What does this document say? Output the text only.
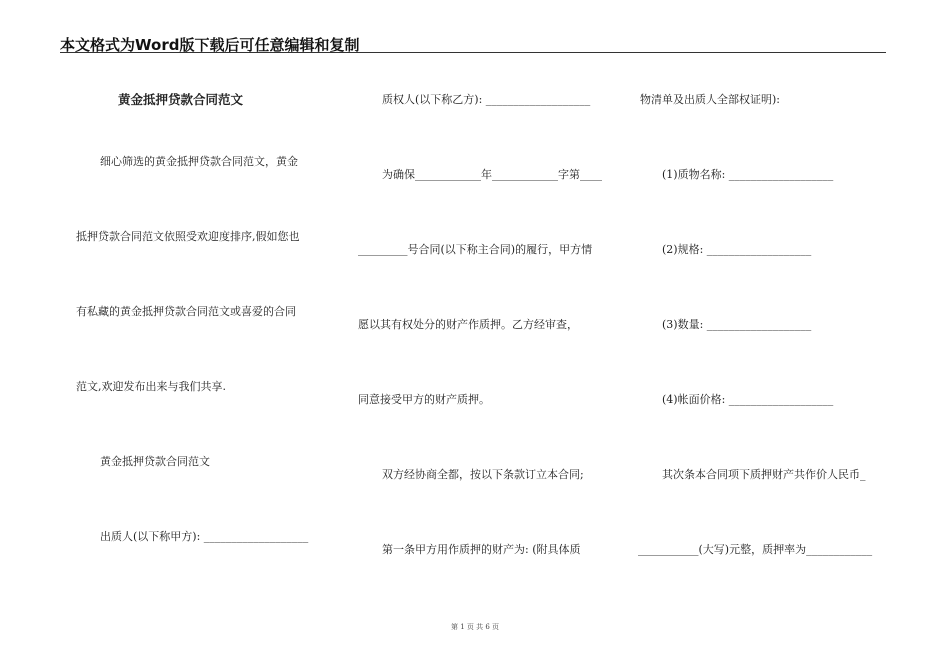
本文格式为Word版下载后可任意编辑和复制
黄金抵押贷款合同范文
细心筛选的黄金抵押贷款合同范文，黄金
抵押贷款合同范文依照受欢迎度排序,假如您也
有私藏的黄金抵押贷款合同范文或喜爱的合同
范文,欢迎发布出来与我们共享.
黄金抵押贷款合同范文
出质人(以下称甲方): ___________________
质权人(以下称乙方): ___________________
为确保____________年____________字第____
_________号合同(以下称主合同)的履行，甲方情
愿以其有权处分的财产作质押。乙方经审查，
同意接受甲方的财产质押。
双方经协商全都，按以下条款订立本合同;
第一条甲方用作质押的财产为: (附具体质
物清单及出质人全部权证明):
(1)质物名称: ___________________
(2)规格: ___________________
(3)数量: ___________________
(4)帐面价格: ___________________
其次条本合同项下质押财产共作价人民币_
___________(大写)元整，质押率为____________
第 1 页 共 6 页
